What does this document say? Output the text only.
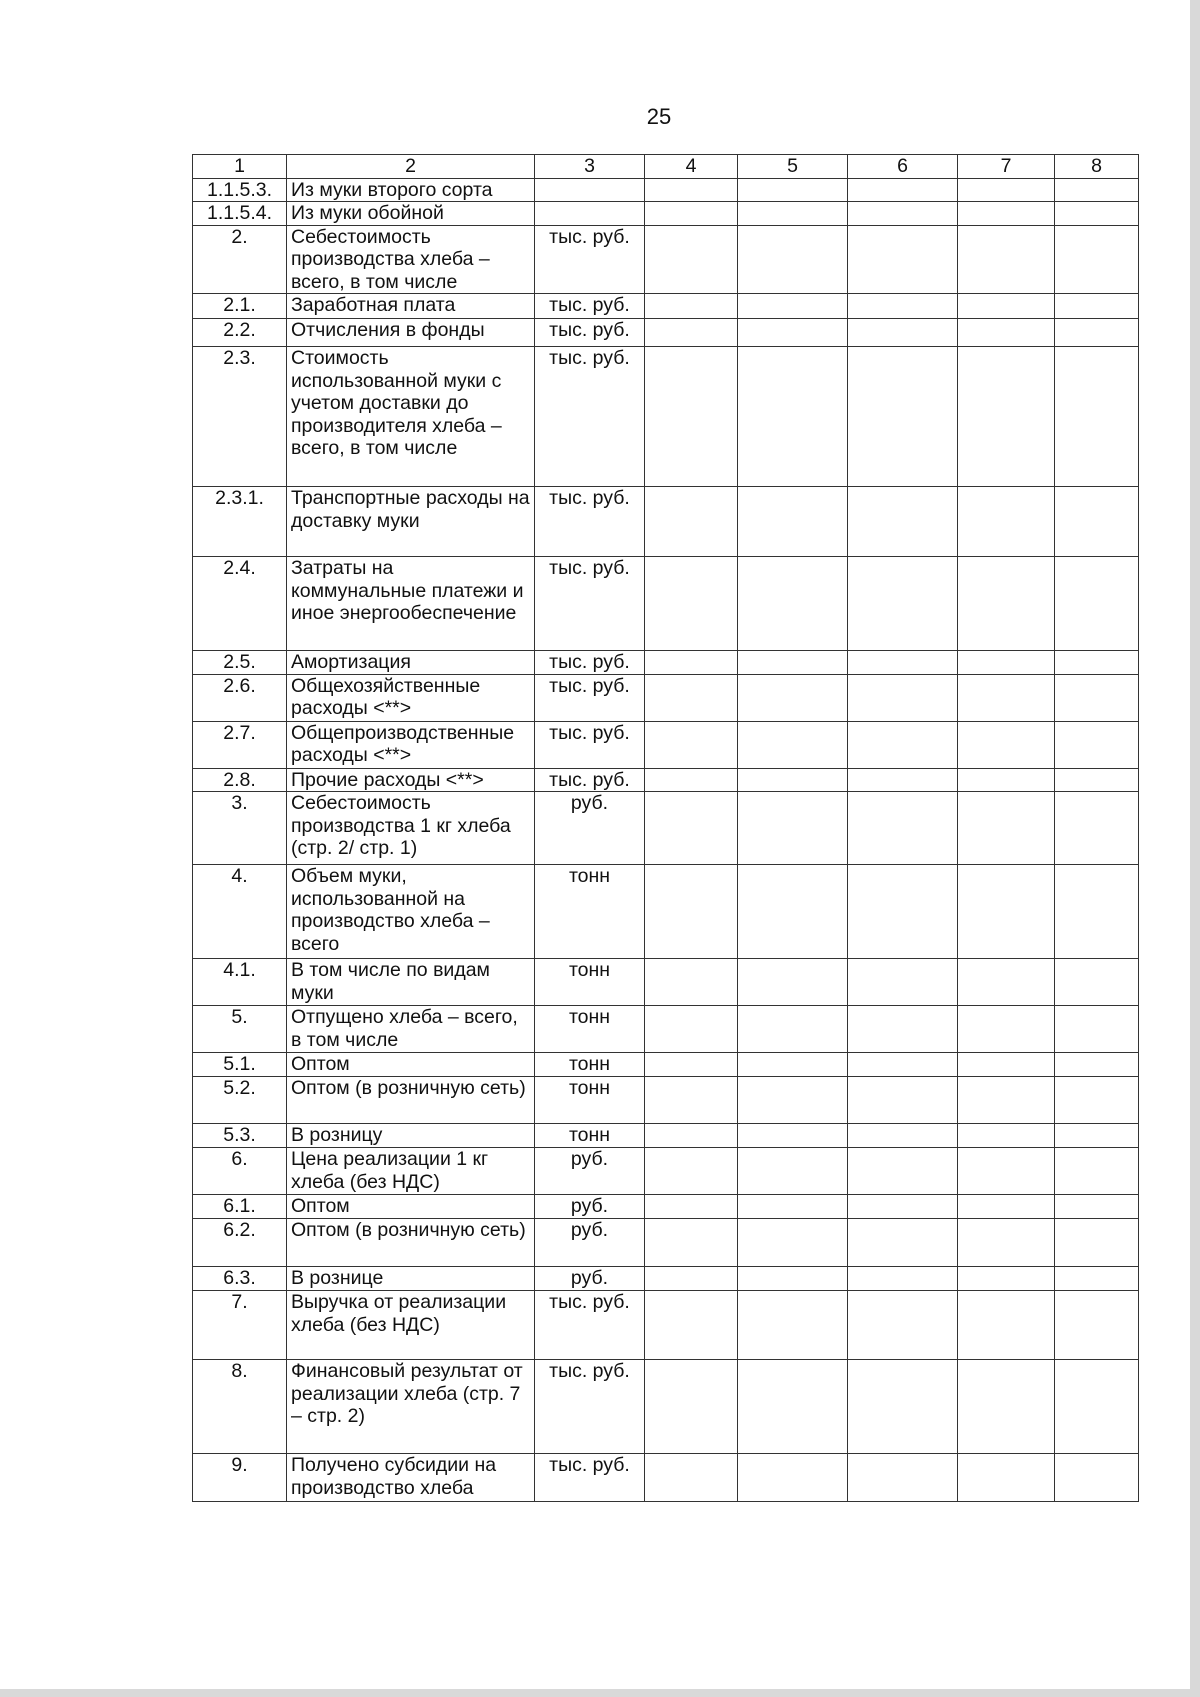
25
1	2	3	4	5	6	7	8
1.1.5.3.	Из муки второго сорта						
1.1.5.4.	Из муки обойной						
2.	Себестоимость производства хлеба – всего, в том числе	тыс. руб.					
2.1.	Заработная плата	тыс. руб.					
2.2.	Отчисления в фонды	тыс. руб.					
2.3.	Стоимость использованной муки с учетом доставки до производителя хлеба – всего, в том числе	тыс. руб.					
2.3.1.	Транспортные расходы на доставку муки	тыс. руб.					
2.4.	Затраты на коммунальные платежи и иное энергообеспечение	тыс. руб.					
2.5.	Амортизация	тыс. руб.					
2.6.	Общехозяйственные расходы <**>	тыс. руб.					
2.7.	Общепроизводственные расходы <**>	тыс. руб.					
2.8.	Прочие расходы <**>	тыс. руб.					
3.	Себестоимость производства 1 кг хлеба (стр. 2/ стр. 1)	руб.					
4.	Объем муки, использованной на производство хлеба – всего	тонн					
4.1.	В том числе по видам муки	тонн					
5.	Отпущено хлеба – всего, в том числе	тонн					
5.1.	Оптом	тонн					
5.2.	Оптом (в розничную сеть)	тонн					
5.3.	В розницу	тонн					
6.	Цена реализации 1 кг хлеба (без НДС)	руб.					
6.1.	Оптом	руб.					
6.2.	Оптом (в розничную сеть)	руб.					
6.3.	В рознице	руб.					
7.	Выручка от реализации хлеба (без НДС)	тыс. руб.					
8.	Финансовый результат от реализации хлеба (стр. 7 – стр. 2)	тыс. руб.					
9.	Получено субсидии на производство хлеба	тыс. руб.					
